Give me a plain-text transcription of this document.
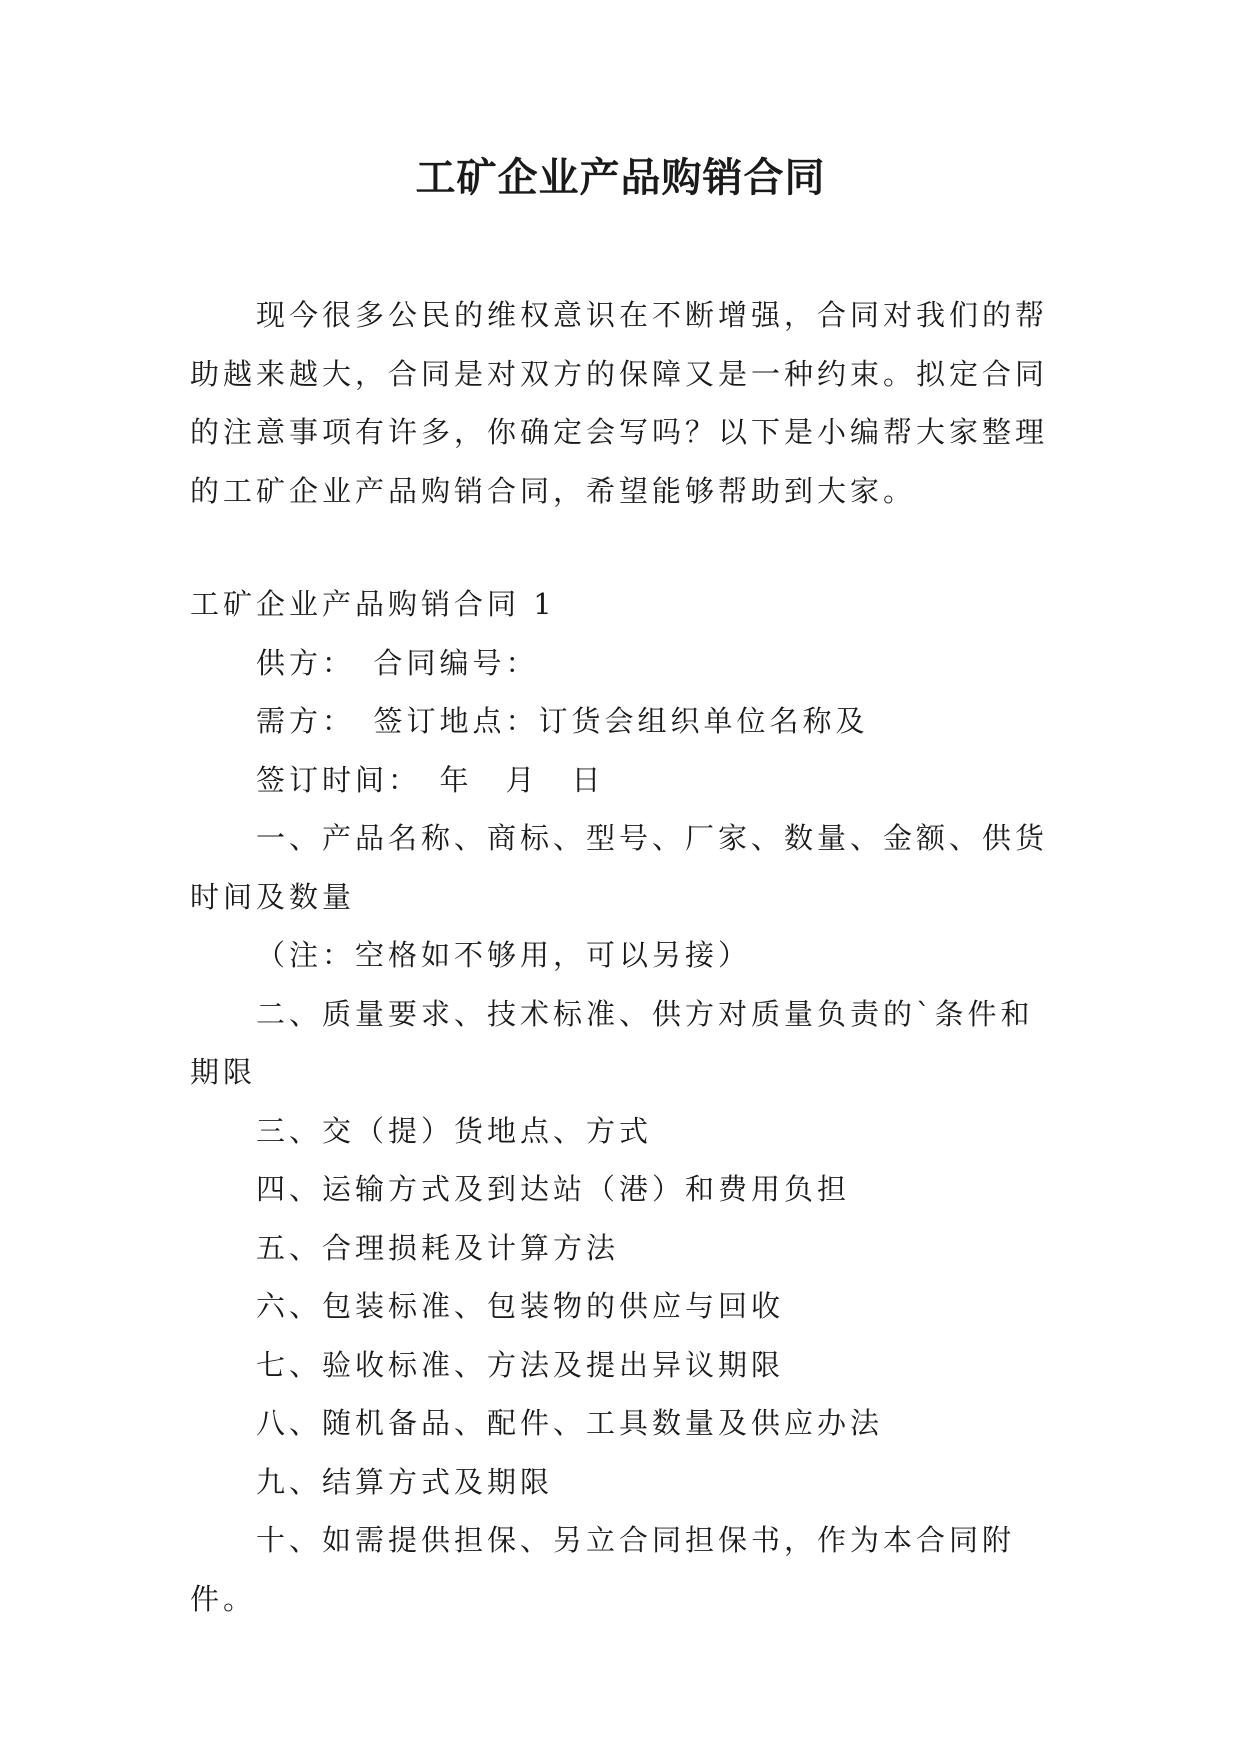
工矿企业产品购销合同

现今很多公民的维权意识在不断增强，合同对我们的帮助越来越大，合同是对双方的保障又是一种约束。拟定合同的注意事项有许多，你确定会写吗？以下是小编帮大家整理的工矿企业产品购销合同，希望能够帮助到大家。

工矿企业产品购销合同 1

供方：　合同编号：

需方：　签订地点：订货会组织单位名称及

签订时间：　年　月　日

一、产品名称、商标、型号、厂家、数量、金额、供货时间及数量

（注：空格如不够用，可以另接）

二、质量要求、技术标准、供方对质量负责的`条件和期限

三、交（提）货地点、方式

四、运输方式及到达站（港）和费用负担

五、合理损耗及计算方法

六、包装标准、包装物的供应与回收

七、验收标准、方法及提出异议期限

八、随机备品、配件、工具数量及供应办法

九、结算方式及期限

十、如需提供担保、另立合同担保书，作为本合同附件。
